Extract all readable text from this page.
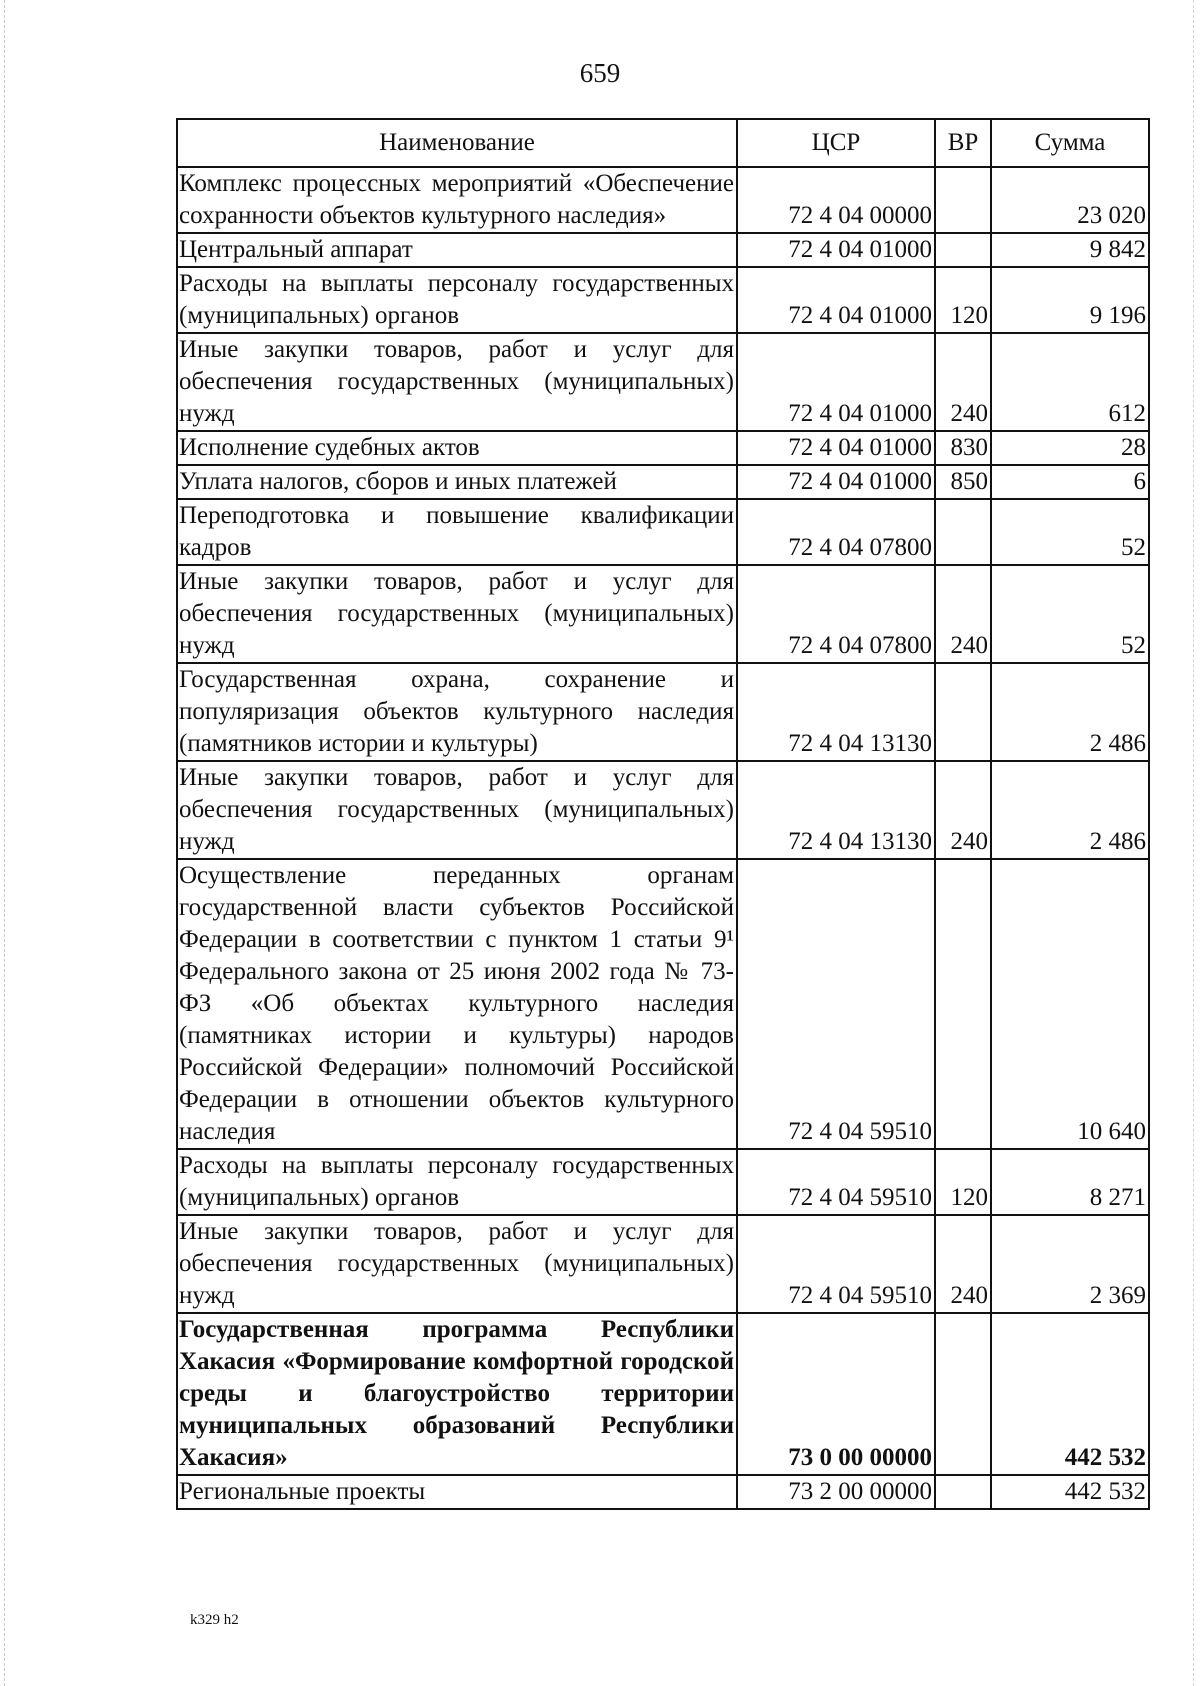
659
Наименование	ЦСР	ВР	Сумма
Комплекс процессных мероприятий «Обеспечение сохранности объектов культурного наследия»	72 4 04 00000		23 020
Центральный аппарат	72 4 04 01000		9 842
Расходы на выплаты персоналу государственных (муниципальных) органов	72 4 04 01000	120	9 196
Иные закупки товаров, работ и услуг для обеспечения государственных (муниципальных) нужд	72 4 04 01000	240	612
Исполнение судебных актов	72 4 04 01000	830	28
Уплата налогов, сборов и иных платежей	72 4 04 01000	850	6
Переподготовка и повышение квалификации кадров	72 4 04 07800		52
Иные закупки товаров, работ и услуг для обеспечения государственных (муниципальных) нужд	72 4 04 07800	240	52
Государственная охрана, сохранение и популяризация объектов культурного наследия (памятников истории и культуры)	72 4 04 13130		2 486
Иные закупки товаров, работ и услуг для обеспечения государственных (муниципальных) нужд	72 4 04 13130	240	2 486
Осуществление переданных органам государственной власти субъектов Российской Федерации в соответствии с пунктом 1 статьи 9¹ Федерального закона от 25 июня 2002 года № 73-ФЗ «Об объектах культурного наследия (памятниках истории и культуры) народов Российской Федерации» полномочий Российской Федерации в отношении объектов культурного наследия	72 4 04 59510		10 640
Расходы на выплаты персоналу государственных (муниципальных) органов	72 4 04 59510	120	8 271
Иные закупки товаров, работ и услуг для обеспечения государственных (муниципальных) нужд	72 4 04 59510	240	2 369
Государственная программа Республики Хакасия «Формирование комфортной городской среды и благоустройство территории муниципальных образований Республики Хакасия»	73 0 00 00000		442 532
Региональные проекты	73 2 00 00000		442 532
k329 h2
